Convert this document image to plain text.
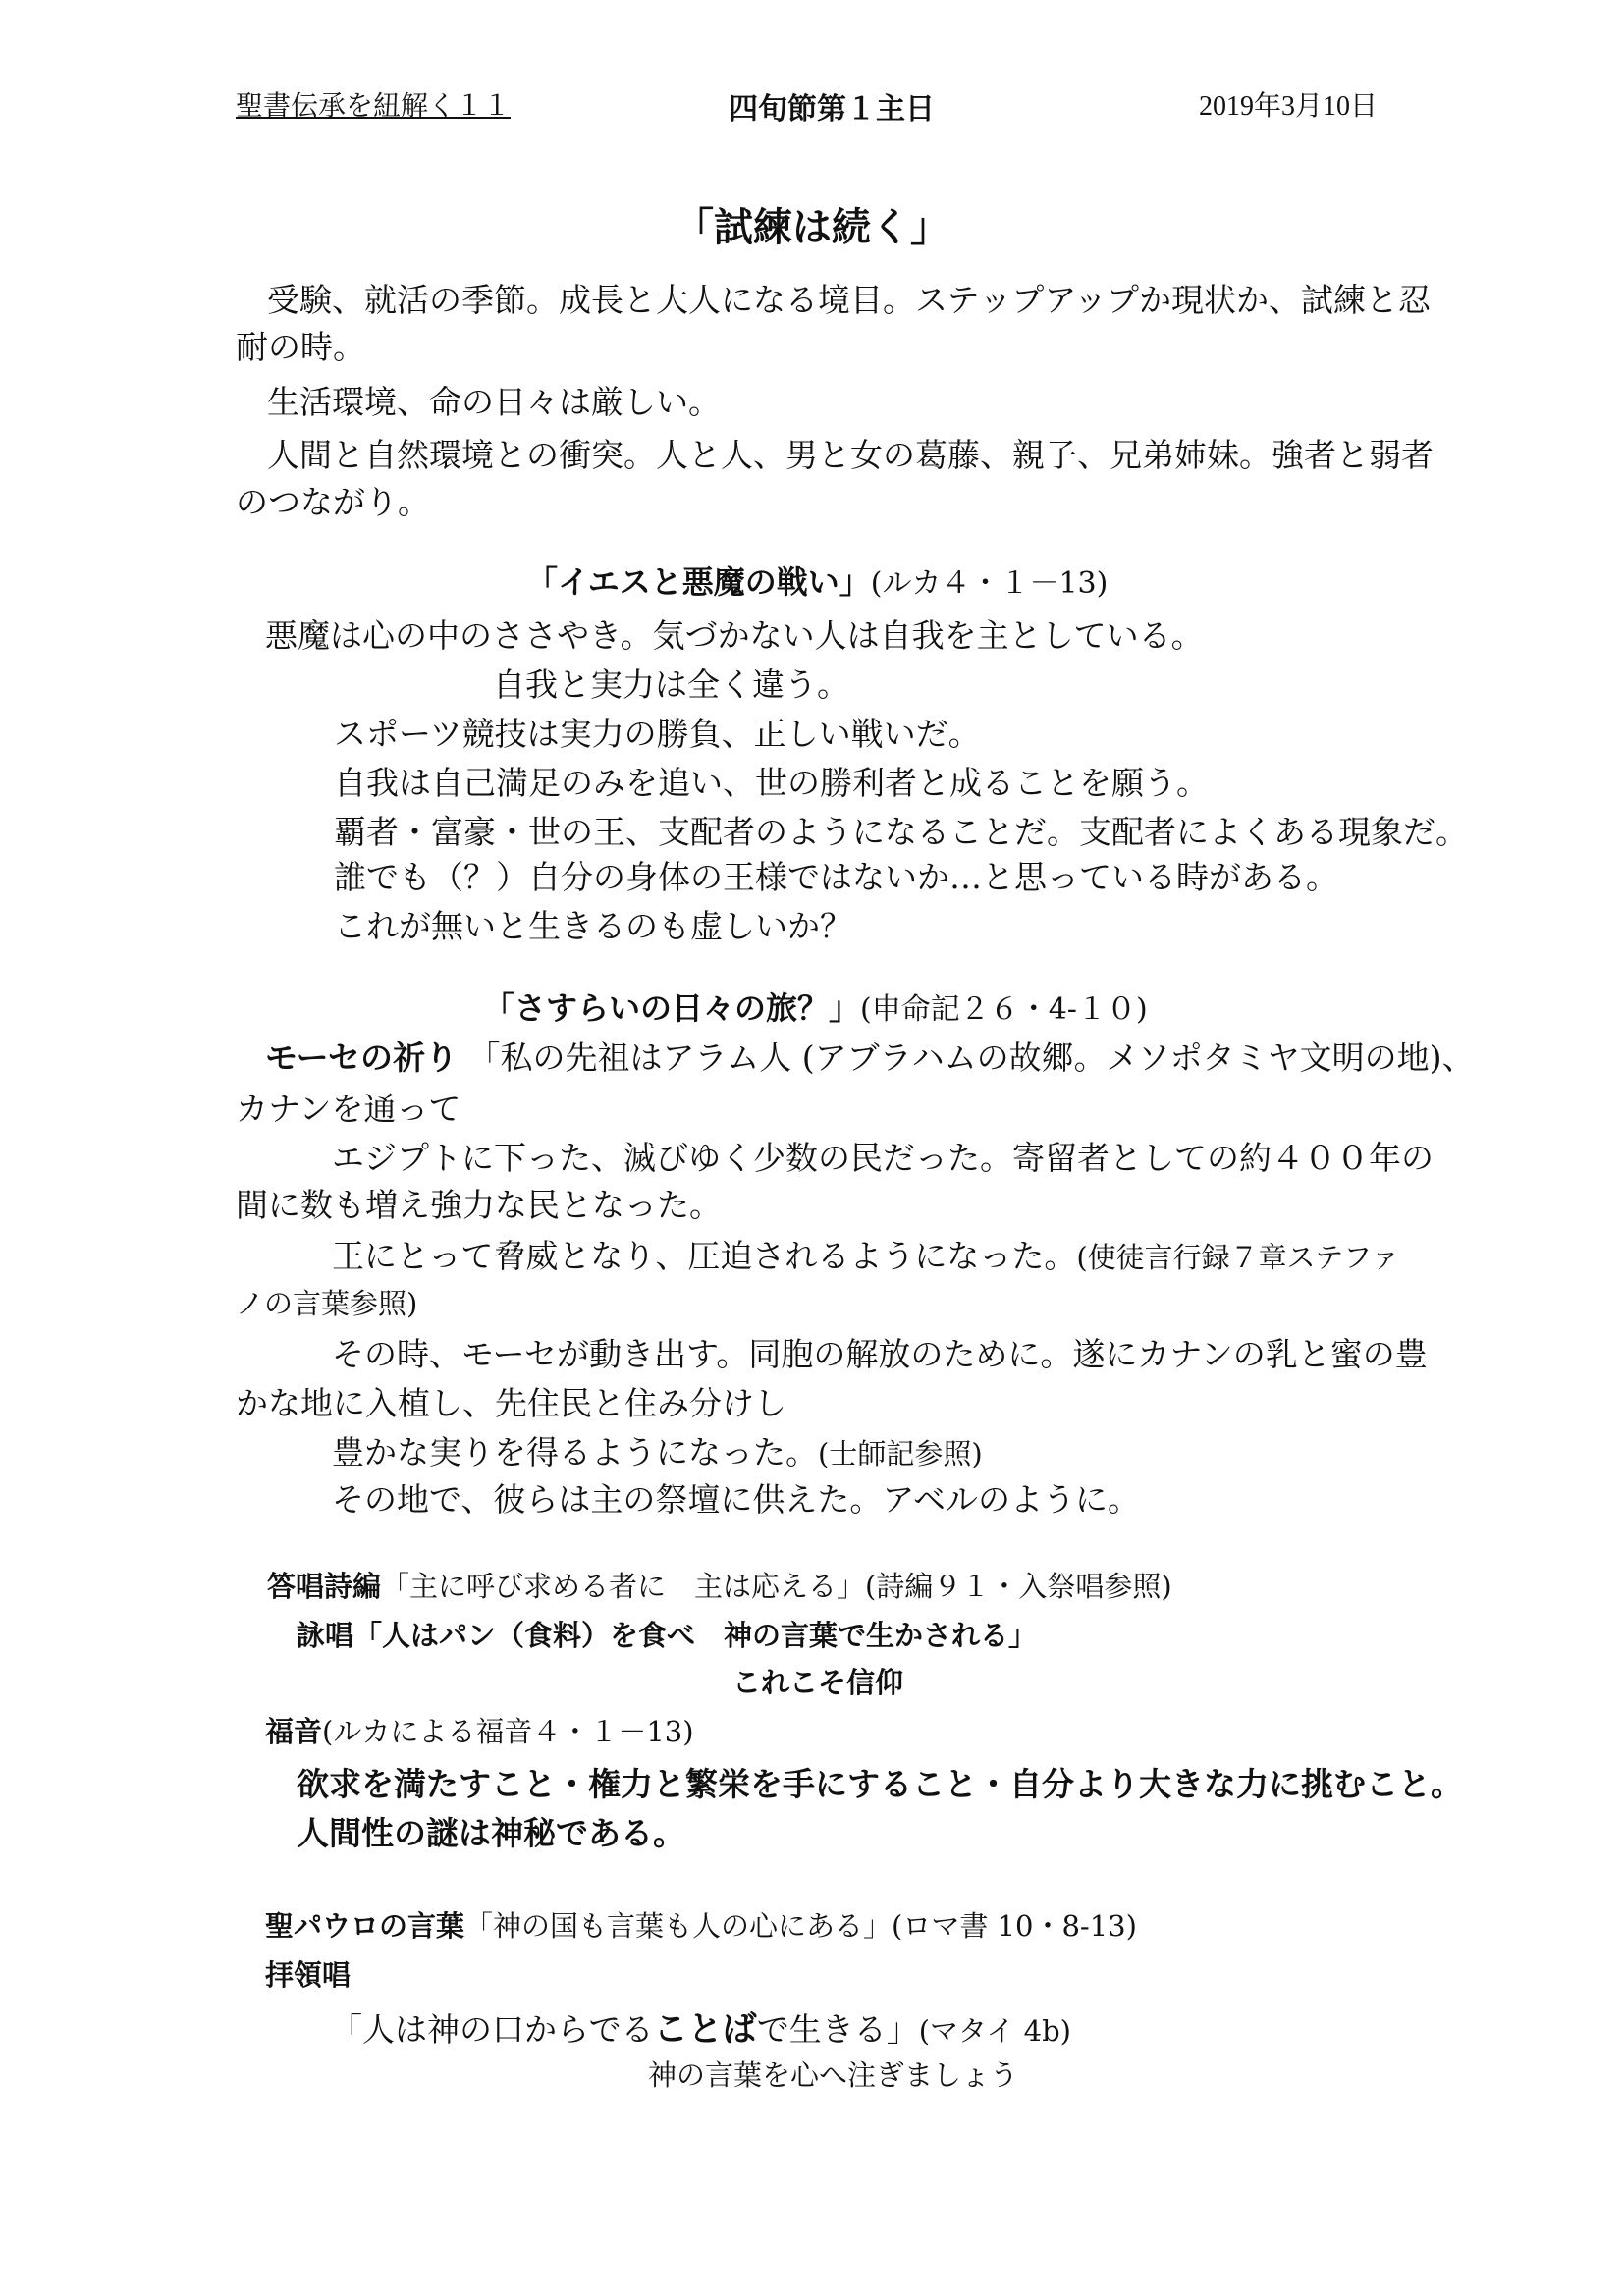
聖書伝承を紐解く１１	四旬節第１主日	2019年3月10日
「試練は続く」
受験、就活の季節。成長と大人になる境目。ステップアップか現状か、試練と忍
耐の時。
生活環境、命の日々は厳しい。
人間と自然環境との衝突。人と人、男と女の葛藤、親子、兄弟姉妹。強者と弱者
のつながり。
「イエスと悪魔の戦い」(ルカ４・１－13)
悪魔は心の中のささやき。気づかない人は自我を主としている。
自我と実力は全く違う。
スポーツ競技は実力の勝負、正しい戦いだ。
自我は自己満足のみを追い、世の勝利者と成ることを願う。
覇者・富豪・世の王、支配者のようになることだ。支配者によくある現象だ。
誰でも（？）自分の身体の王様ではないか…と思っている時がある。
これが無いと生きるのも虚しいか？
「さすらいの日々の旅？」(申命記２６・4-１０)
モーセの祈り 「私の先祖はアラム人 (アブラハムの故郷。メソポタミヤ文明の地)、
カナンを通って
エジプトに下った、滅びゆく少数の民だった。寄留者としての約４００年の
間に数も増え強力な民となった。
王にとって脅威となり、圧迫されるようになった。(使徒言行録７章ステファ
ノの言葉参照)
その時、モーセが動き出す。同胞の解放のために。遂にカナンの乳と蜜の豊
かな地に入植し、先住民と住み分けし
豊かな実りを得るようになった。(士師記参照)
その地で、彼らは主の祭壇に供えた。アベルのように。
答唱詩編「主に呼び求める者に　主は応える」(詩編９１・入祭唱参照)
詠唱「人はパン（食料）を食べ　神の言葉で生かされる」
これこそ信仰
福音(ルカによる福音４・１－13)
欲求を満たすこと・権力と繁栄を手にすること・自分より大きな力に挑むこと。
人間性の謎は神秘である。
聖パウロの言葉「神の国も言葉も人の心にある」(ロマ書 10・8-13)
拝領唱
「人は神の口からでることばで生きる」(マタイ 4b)
神の言葉を心へ注ぎましょう
